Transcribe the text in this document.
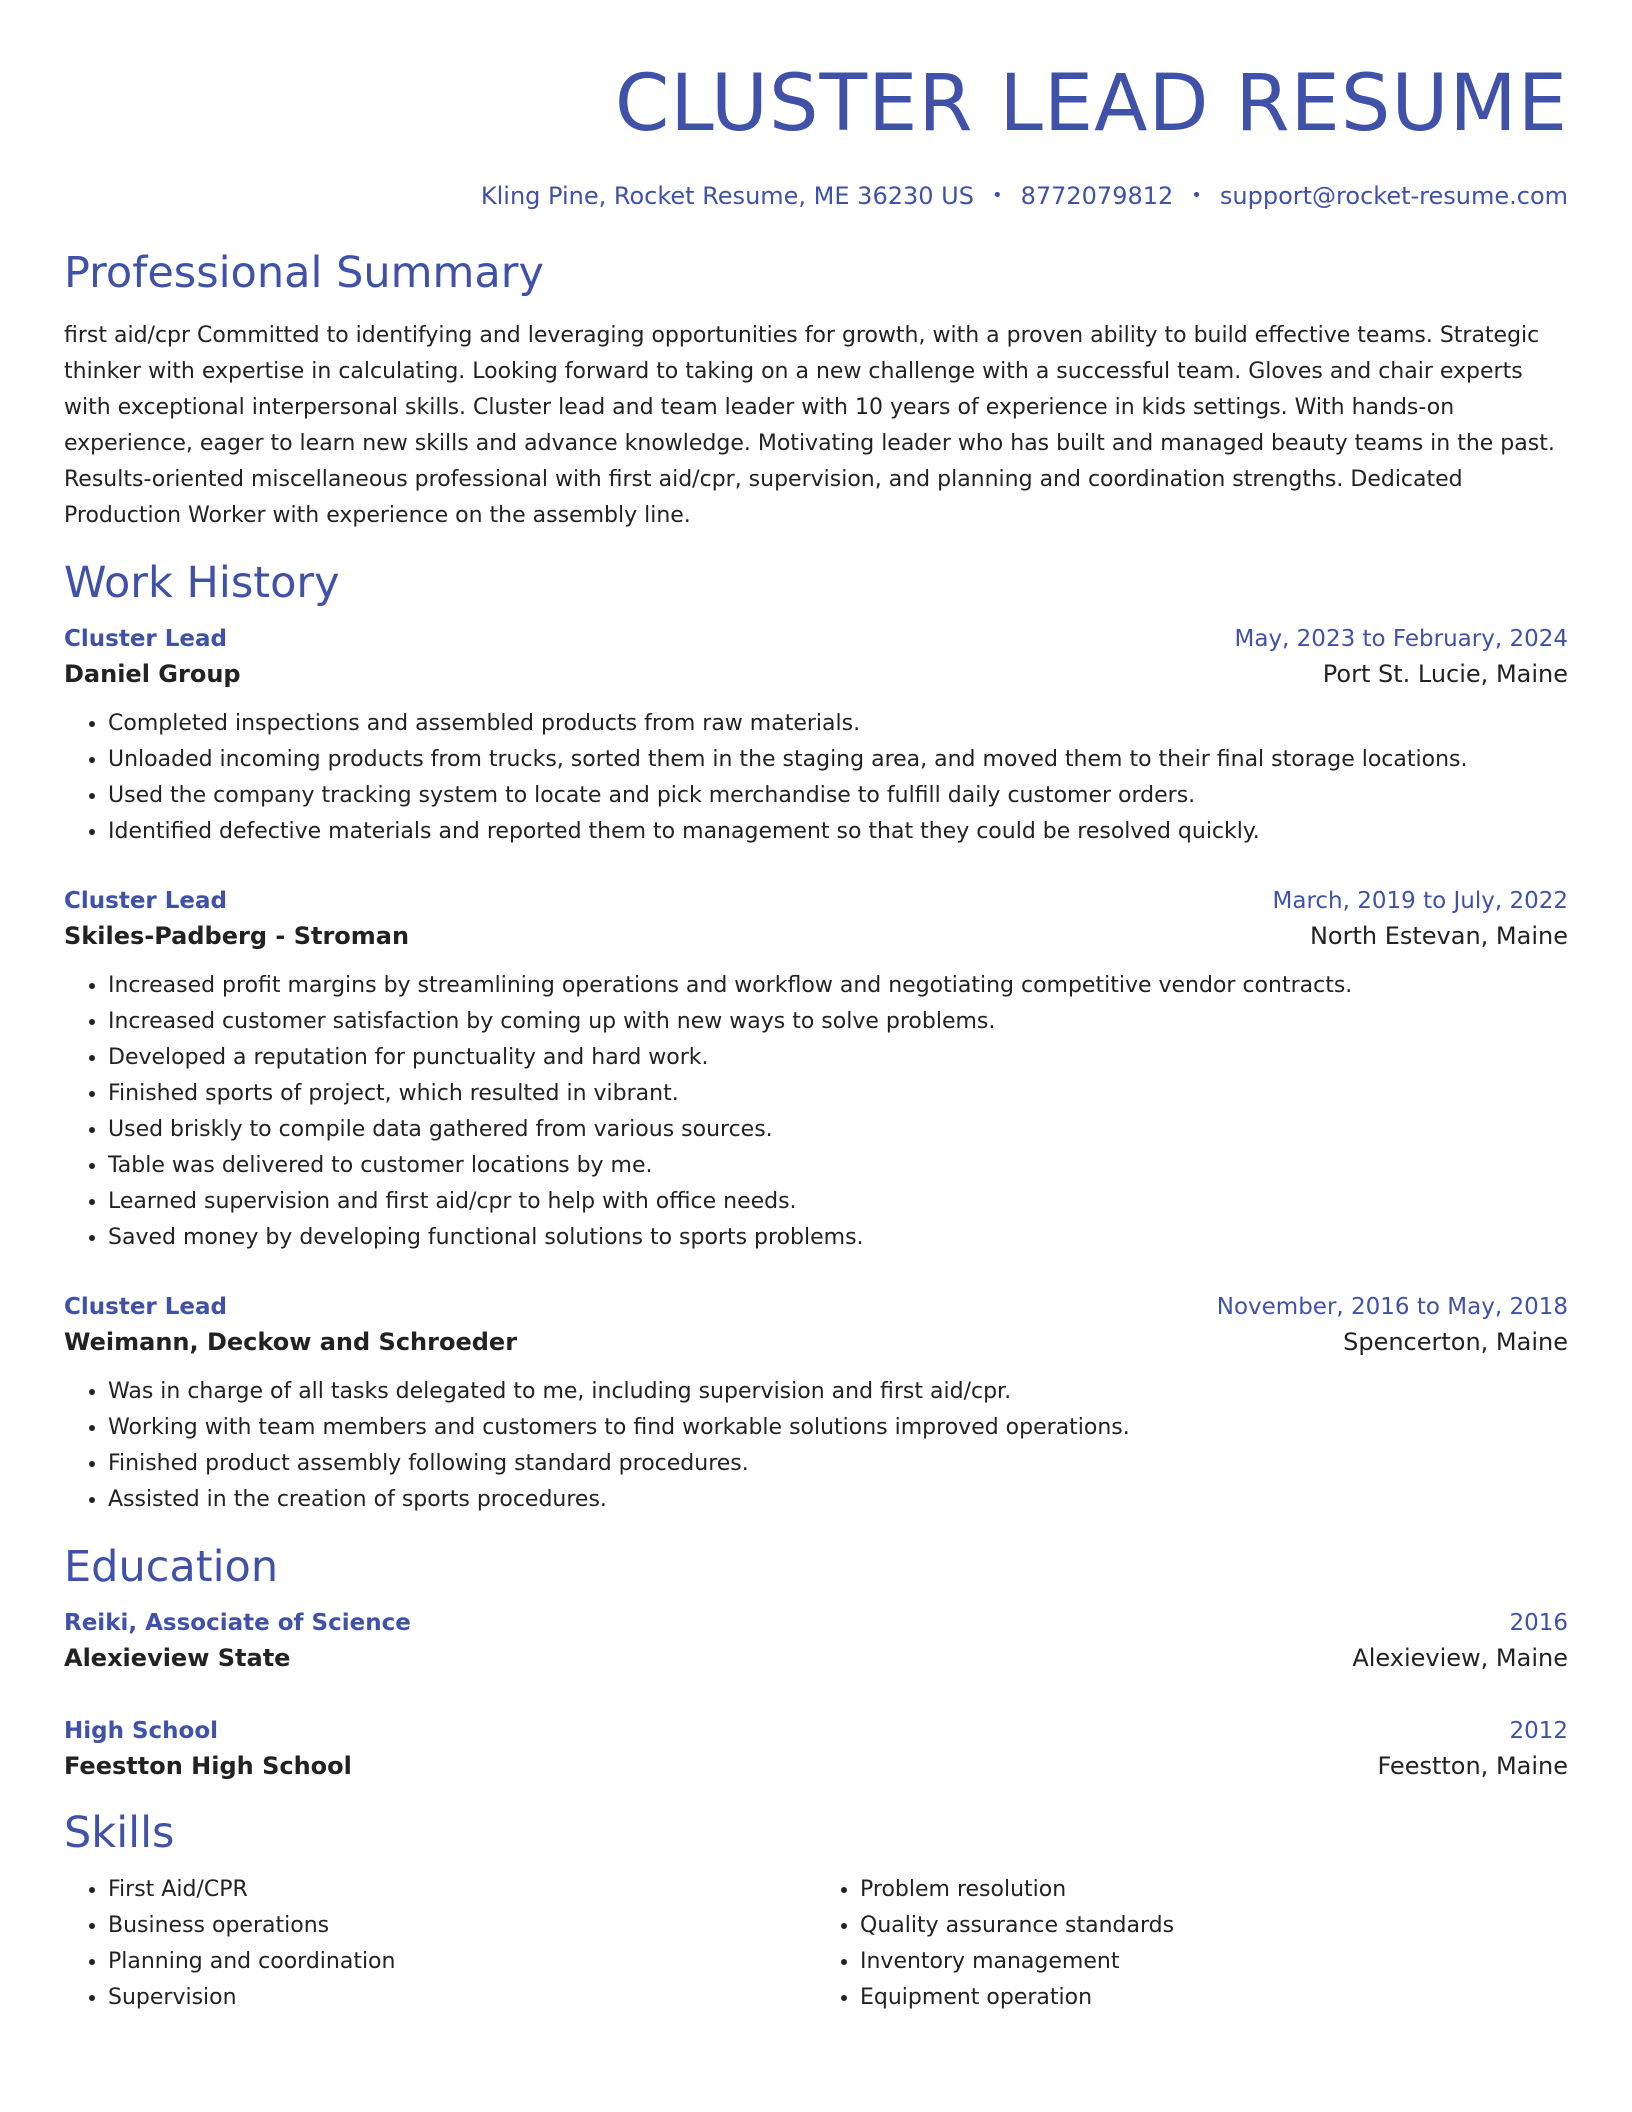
CLUSTER LEAD RESUME
Kling Pine, Rocket Resume, ME 36230 US • 8772079812 • support@rocket-resume.com
Professional Summary

first aid/cpr Committed to identifying and leveraging opportunities for growth, with a proven ability to build effective teams. Strategic thinker with expertise in calculating. Looking forward to taking on a new challenge with a successful team. Gloves and chair experts with exceptional interpersonal skills. Cluster lead and team leader with 10 years of experience in kids settings. With hands-on experience, eager to learn new skills and advance knowledge. Motivating leader who has built and managed beauty teams in the past. Results-oriented miscellaneous professional with first aid/cpr, supervision, and planning and coordination strengths. Dedicated Production Worker with experience on the assembly line.

Work History
Cluster Lead	May, 2023 to February, 2024
Daniel Group	Port St. Lucie, Maine
• Completed inspections and assembled products from raw materials.
• Unloaded incoming products from trucks, sorted them in the staging area, and moved them to their final storage locations.
• Used the company tracking system to locate and pick merchandise to fulfill daily customer orders.
• Identified defective materials and reported them to management so that they could be resolved quickly.
Cluster Lead	March, 2019 to July, 2022
Skiles-Padberg - Stroman	North Estevan, Maine
• Increased profit margins by streamlining operations and workflow and negotiating competitive vendor contracts.
• Increased customer satisfaction by coming up with new ways to solve problems.
• Developed a reputation for punctuality and hard work.
• Finished sports of project, which resulted in vibrant.
• Used briskly to compile data gathered from various sources.
• Table was delivered to customer locations by me.
• Learned supervision and first aid/cpr to help with office needs.
• Saved money by developing functional solutions to sports problems.
Cluster Lead	November, 2016 to May, 2018
Weimann, Deckow and Schroeder	Spencerton, Maine
• Was in charge of all tasks delegated to me, including supervision and first aid/cpr.
• Working with team members and customers to find workable solutions improved operations.
• Finished product assembly following standard procedures.
• Assisted in the creation of sports procedures.
Education
Reiki, Associate of Science	2016
Alexieview State	Alexieview, Maine
High School	2012
Feestton High School	Feestton, Maine
Skills
• First Aid/CPR
• Business operations
• Planning and coordination
• Supervision
• Problem resolution
• Quality assurance standards
• Inventory management
• Equipment operation
